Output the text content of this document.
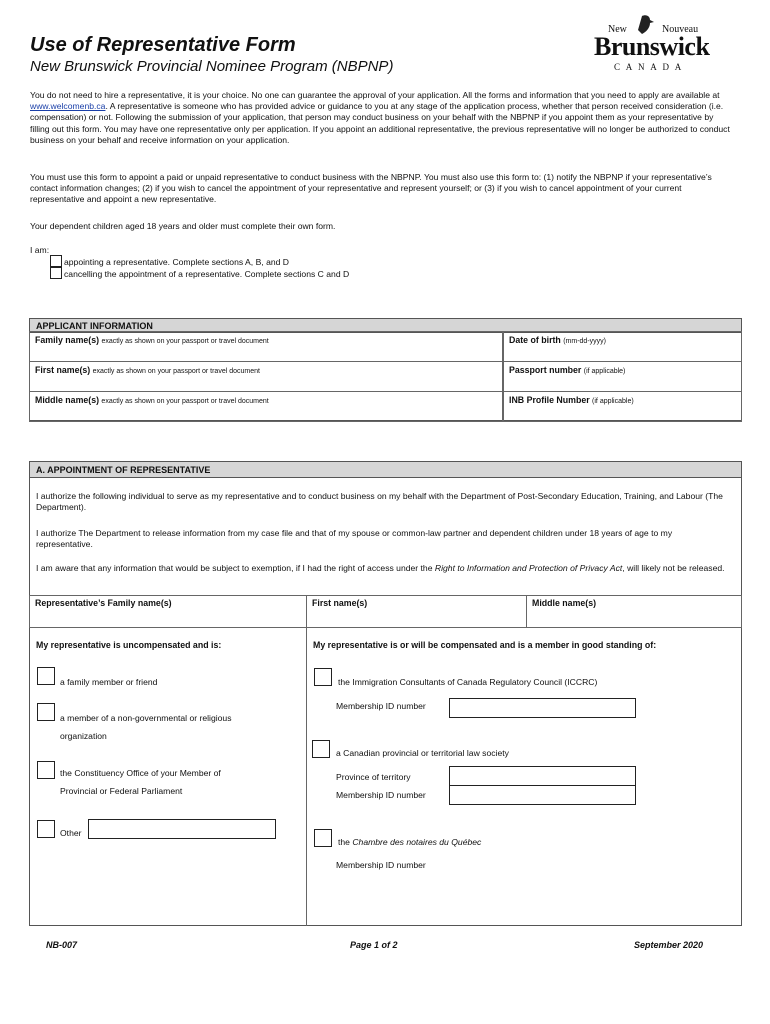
Use of Representative Form
New Brunswick Provincial Nominee Program (NBPNP)
New	Nouveau
Brunswick
C A N A D A
You do not need to hire a representative, it is your choice. No one can guarantee the approval of your application. All the forms and information that you need to apply are available at www.welcomenb.ca. A representative is someone who has provided advice or guidance to you at any stage of the application process, whether that person received consideration (i.e. compensation) or not. Following the submission of your application, that person may conduct business on your behalf with the NBPNP if you appoint them as your representative by filling out this form. You may have one representative only per application. If you appoint an additional representative, the previous representative will no longer be authorized to conduct business on your behalf and receive information on your application.
You must use this form to appoint a paid or unpaid representative to conduct business with the NBPNP. You must also use this form to: (1) notify the NBPNP if your representative’s contact information changes; (2) if you wish to cancel the appointment of your representative and represent yourself; or (3) if you wish to cancel appointment of your current representative and appoint a new representative.
Your dependent children aged 18 years and older must complete their own form.
I am:
appointing a representative. Complete sections A, B, and D
cancelling the appointment of a representative. Complete sections C and D
APPLICANT INFORMATION
Family name(s) exactly as shown on your passport or travel document	Date of birth (mm-dd-yyyy)
First name(s) exactly as shown on your passport or travel document	Passport number (if applicable)
Middle name(s) exactly as shown on your passport or travel document	INB Profile Number (if applicable)
A. APPOINTMENT OF REPRESENTATIVE
I authorize the following individual to serve as my representative and to conduct business on my behalf with the Department of Post-Secondary Education, Training, and Labour (The Department).
I authorize The Department to release information from my case file and that of my spouse or common-law partner and dependent children under 18 years of age to my representative.
I am aware that any information that would be subject to exemption, if I had the right of access under the Right to Information and Protection of Privacy Act, will likely not be released.
Representative’s Family name(s)	First name(s)	Middle name(s)
My representative is uncompensated and is:	My representative is or will be compensated and is a member in good standing of:
a family member or friend
a member of a non-governmental or religious
organization
the Constituency Office of your Member of
Provincial or Federal Parliament
Other
the Immigration Consultants of Canada Regulatory Council (ICCRC)
Membership ID number
a Canadian provincial or territorial law society
Province of territory
Membership ID number
the Chambre des notaires du Québec
Membership ID number
NB-007	Page 1 of 2	September 2020
